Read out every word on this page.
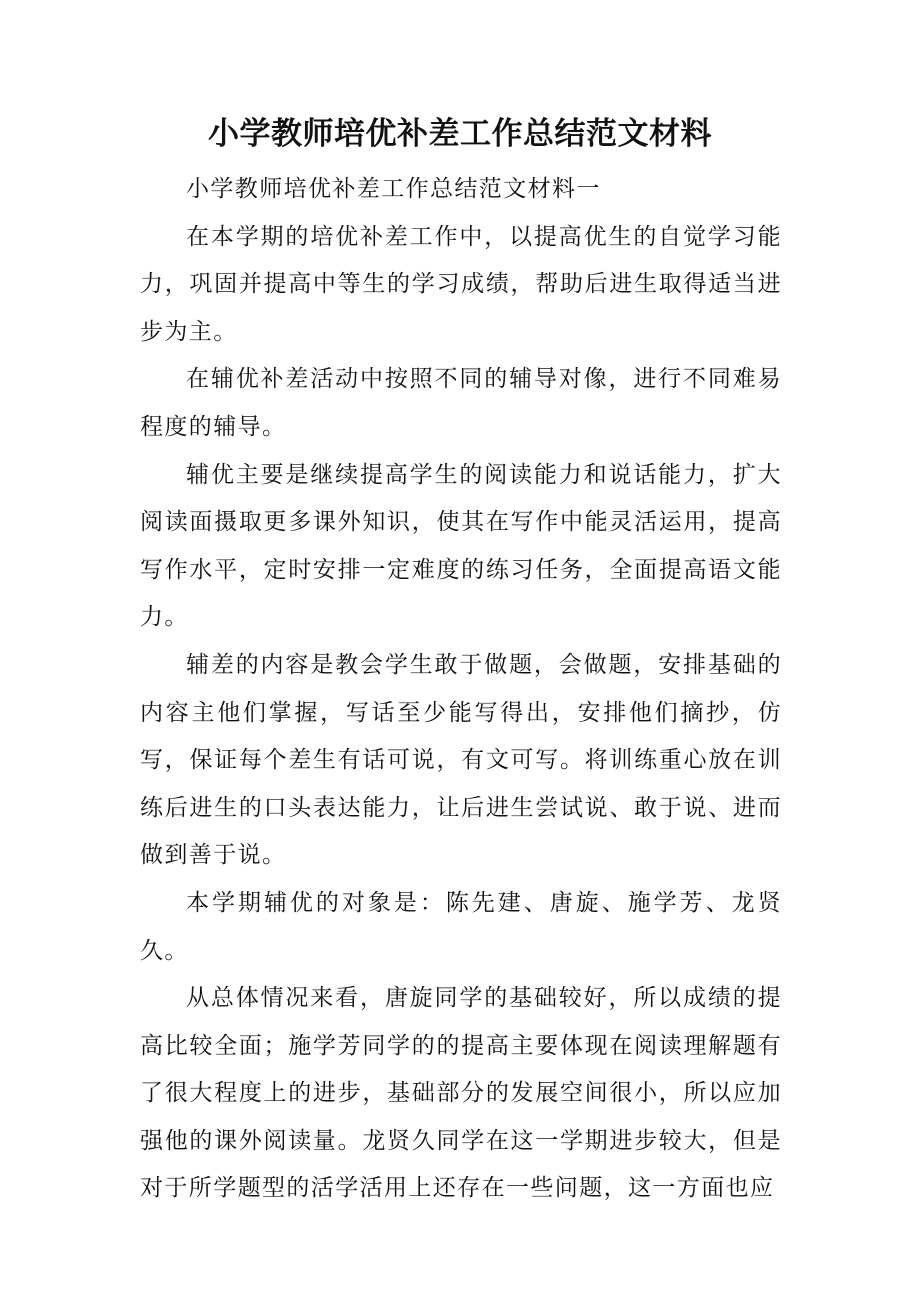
小学教师培优补差工作总结范文材料

小学教师培优补差工作总结范文材料一

在本学期的培优补差工作中，以提高优生的自觉学习能力，巩固并提高中等生的学习成绩，帮助后进生取得适当进步为主。

在辅优补差活动中按照不同的辅导对像，进行不同难易程度的辅导。

辅优主要是继续提高学生的阅读能力和说话能力，扩大阅读面摄取更多课外知识，使其在写作中能灵活运用，提高写作水平，定时安排一定难度的练习任务，全面提高语文能力。

辅差的内容是教会学生敢于做题，会做题，安排基础的内容主他们掌握，写话至少能写得出，安排他们摘抄，仿写，保证每个差生有话可说，有文可写。将训练重心放在训练后进生的口头表达能力，让后进生尝试说、敢于说、进而做到善于说。

本学期辅优的对象是：陈先建、唐旋、施学芳、龙贤久。

从总体情况来看，唐旋同学的基础较好，所以成绩的提高比较全面；施学芳同学的的提高主要体现在阅读理解题有了很大程度上的进步，基础部分的发展空间很小，所以应加强他的课外阅读量。龙贤久同学在这一学期进步较大，但是对于所学题型的活学活用上还存在一些问题，这一方面也应
